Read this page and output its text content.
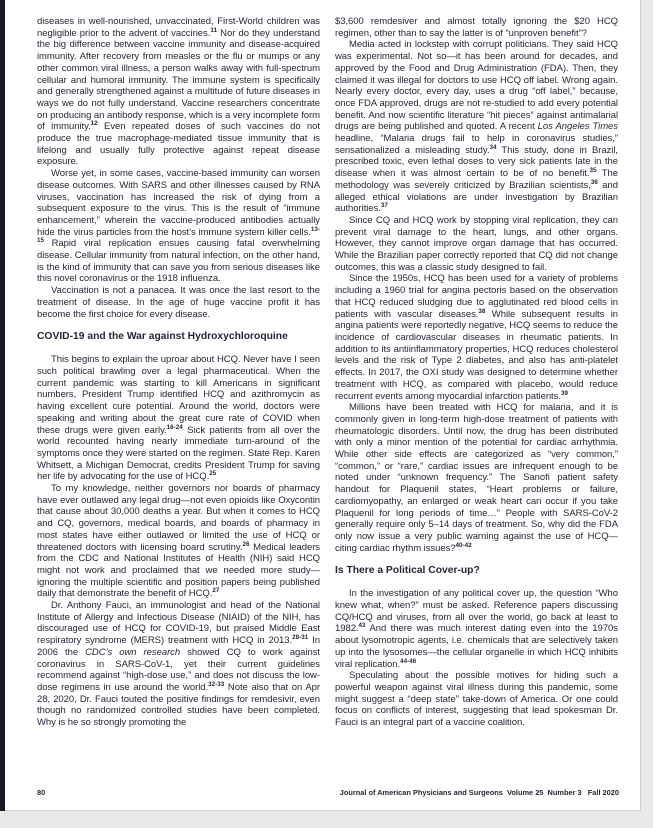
diseases in well-nourished, unvaccinated, First-World children was negligible prior to the advent of vaccines.$^{11}$ Nor do they understand the big difference between vaccine immunity and disease-acquired immunity. After recovery from measles or the flu or mumps or any other common viral illness, a person walks away with full-spectrum cellular and humoral immunity. The immune system is specifically and generally strengthened against a multitude of future diseases in ways we do not fully understand. Vaccine researchers concentrate on producing an antibody response, which is a very incomplete form of immunity.$^{12}$ Even repeated doses of such vaccines do not produce the true macrophage-mediated tissue immunity that is lifelong and usually fully protective against repeat disease exposure.

Worse yet, in some cases, vaccine-based immunity can worsen disease outcomes. With SARS and other illnesses caused by RNA viruses, vaccination has increased the risk of dying from a subsequent exposure to the virus. This is the result of “immune enhancement,” wherein the vaccine-produced antibodies actually hide the virus particles from the host’s immune system killer cells.$^{13-15}$ Rapid viral replication ensues causing fatal overwhelming disease. Cellular immunity from natural infection, on the other hand, is the kind of immunity that can save you from serious diseases like this novel coronavirus or the 1918 influenza.

Vaccination is not a panacea. It was once the last resort to the treatment of disease. In the age of huge vaccine profit it has become the first choice for every disease.

COVID-19 and the War against Hydroxychloroquine

This begins to explain the uproar about HCQ. Never have I seen such political brawling over a legal pharmaceutical. When the current pandemic was starting to kill Americans in significant numbers, President Trump identified HCQ and azithromycin as having excellent cure potential. Around the world, doctors were speaking and writing about the great cure rate of COVID when these drugs were given early.$^{16-24}$ Sick patients from all over the world recounted having nearly immediate turn-around of the symptoms once they were started on the regimen. State Rep. Karen Whitsett, a Michigan Democrat, credits President Trump for saving her life by advocating for the use of HCQ.$^{25}$

To my knowledge, neither governors nor boards of pharmacy have ever outlawed any legal drug—not even opioids like Oxycontin that cause about 30,000 deaths a year. But when it comes to HCQ and CQ, governors, medical boards, and boards of pharmacy in most states have either outlawed or limited the use of HCQ or threatened doctors with licensing board scrutiny.$^{26}$ Medical leaders from the CDC and National Institutes of Health (NIH) said HCQ might not work and proclaimed that we needed more study—ignoring the multiple scientific and position papers being published daily that demonstrate the benefit of HCQ.$^{27}$

Dr. Anthony Fauci, an immunologist and head of the National Institute of Allergy and Infectious Disease (NIAID) of the NIH, has discouraged use of HCQ for COVID-19, but praised Middle East respiratory syndrome (MERS) treatment with HCQ in 2013.$^{28-31}$ In 2006 the CDC’s own research showed CQ to work against coronavirus in SARS-CoV-1, yet their current guidelines recommend against “high-dose use,” and does not discuss the low-dose regimens in use around the world.$^{32-33}$ Note also that on Apr 28, 2020, Dr. Fauci touted the positive findings for remdesivir, even though no randomized controlled studies have been completed. Why is he so strongly promoting the

$3,600 remdesiver and almost totally ignoring the $20 HCQ regimen, other than to say the latter is of “unproven benefit”?

Media acted in lockstep with corrupt politicians. They said HCQ was experimental. Not so—it has been around for decades, and approved by the Food and Drug Administration (FDA). Then, they claimed it was illegal for doctors to use HCQ off label. Wrong again. Nearly every doctor, every day, uses a drug “off label,” because, once FDA approved, drugs are not re-studied to add every potential benefit. And now scientific literature “hit pieces” against antimalarial drugs are being published and quoted. A recent Los Angeles Times headline, “Malaria drugs fail to help in coronavirus studies,” sensationalized a misleading study.$^{34}$ This study, done in Brazil, prescribed toxic, even lethal doses to very sick patients late in the disease when it was almost certain to be of no benefit.$^{35}$ The methodology was severely criticized by Brazilian scientists,$^{36}$ and alleged ethical violations are under investigation by Brazilian authorities.$^{37}$

Since CQ and HCQ work by stopping viral replication, they can prevent viral damage to the heart, lungs, and other organs. However, they cannot improve organ damage that has occurred. While the Brazilian paper correctly reported that CQ did not change outcomes, this was a classic study designed to fail.

Since the 1950s, HCQ has been used for a variety of problems including a 1960 trial for angina pectoris based on the observation that HCQ reduced sludging due to agglutinated red blood cells in patients with vascular diseases.$^{38}$ While subsequent results in angina patients were reportedly negative, HCQ seems to reduce the incidence of cardiovascular diseases in rheumatic patients. In addition to its antiinflammatory properties, HCQ reduces cholesterol levels and the risk of Type 2 diabetes, and also has anti-platelet effects. In 2017, the OXI study was designed to determine whether treatment with HCQ, as compared with placebo, would reduce recurrent events among myocardial infarction patients.$^{39}$

Millions have been treated with HCQ for malaria, and it is commonly given in long-term high-dose treatment of patients with rheumatologic disorders. Until now, the drug has been distributed with only a minor mention of the potential for cardiac arrhythmia. While other side effects are categorized as “very common,” “common,” or “rare,” cardiac issues are infrequent enough to be noted under “unknown frequency.” The Sanofi patient safety handout for Plaquenil states, “Heart problems or failure, cardiomyopathy, an enlarged or weak heart can occur if you take Plaquenil for long periods of time…” People with SARS-CoV-2 generally require only 5–14 days of treatment. So, why did the FDA only now issue a very public warning against the use of HCQ—citing cardiac rhythm issues?$^{40-42}$

Is There a Political Cover-up?

In the investigation of any political cover up, the question “Who knew what, when?” must be asked. Reference papers discussing CQ/HCQ and viruses, from all over the world, go back at least to 1982.43 And there was much interest dating even into the 1970s about lysomotropic agents, i.e. chemicals that are selectively taken up into the lysosomes—the cellular organelle in which HCQ inhibits viral replication.$^{44-46}$

Speculating about the possible motives for hiding such a powerful weapon against viral illness during this pandemic, some might suggest a “deep state” take-down of America. Or one could focus on conflicts of interest, suggesting that lead spokesman Dr. Fauci is an integral part of a vaccine coalition.

80	Journal of American Physicians and Surgeons  Volume 25  Number 3   Fall 2020
